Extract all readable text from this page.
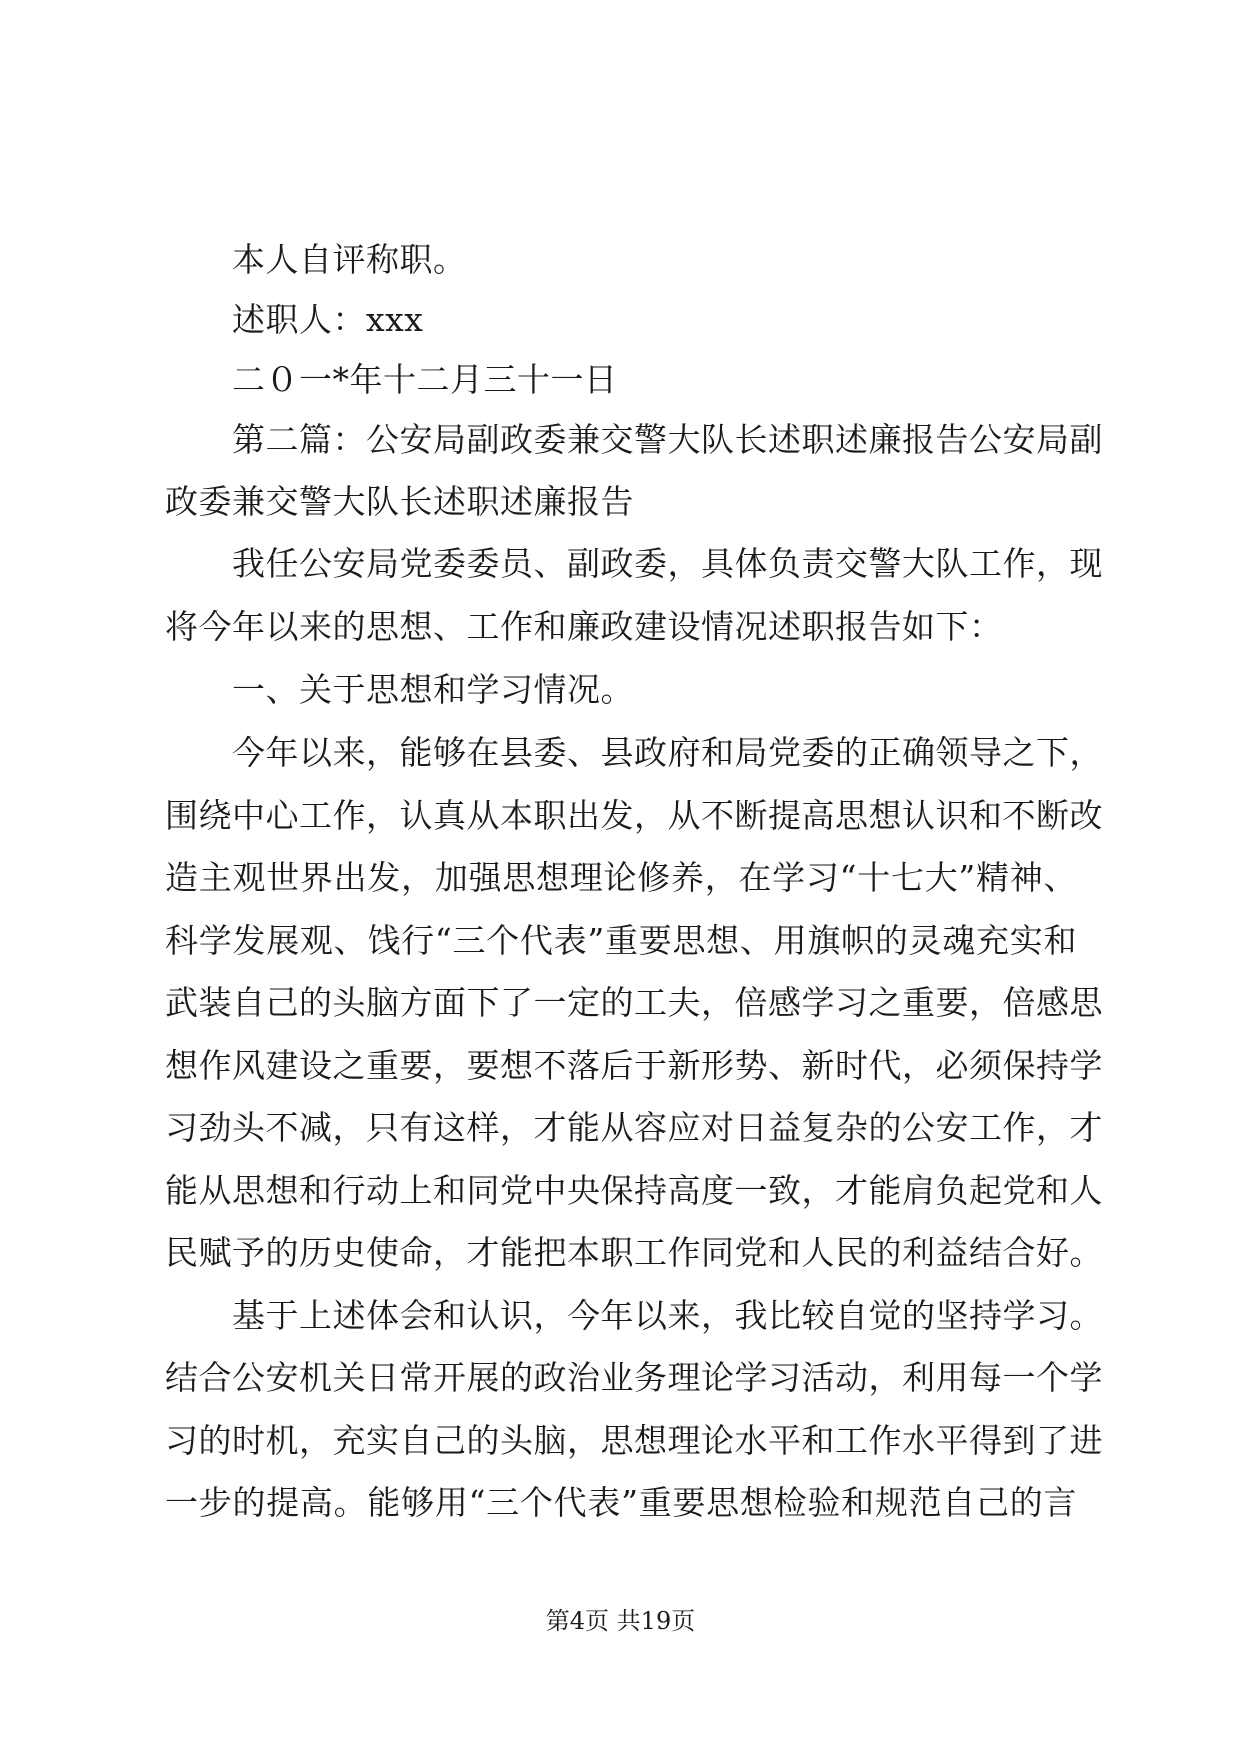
本人自评称职。
述职人：xxx
二０一*年十二月三十一日
第二篇：公安局副政委兼交警大队长述职述廉报告公安局副
政委兼交警大队长述职述廉报告
我任公安局党委委员、副政委，具体负责交警大队工作，现
将今年以来的思想、工作和廉政建设情况述职报告如下：
一、关于思想和学习情况。
今年以来，能够在县委、县政府和局党委的正确领导之下，
围绕中心工作，认真从本职出发，从不断提高思想认识和不断改
造主观世界出发，加强思想理论修养，在学习“十七大”精神、
科学发展观、饯行“三个代表”重要思想、用旗帜的灵魂充实和
武装自己的头脑方面下了一定的工夫，倍感学习之重要，倍感思
想作风建设之重要，要想不落后于新形势、新时代，必须保持学
习劲头不减，只有这样，才能从容应对日益复杂的公安工作，才
能从思想和行动上和同党中央保持高度一致，才能肩负起党和人
民赋予的历史使命，才能把本职工作同党和人民的利益结合好。
基于上述体会和认识，今年以来，我比较自觉的坚持学习。
结合公安机关日常开展的政治业务理论学习活动，利用每一个学
习的时机，充实自己的头脑，思想理论水平和工作水平得到了进
一步的提高。能够用“三个代表”重要思想检验和规范自己的言
第4页 共19页
